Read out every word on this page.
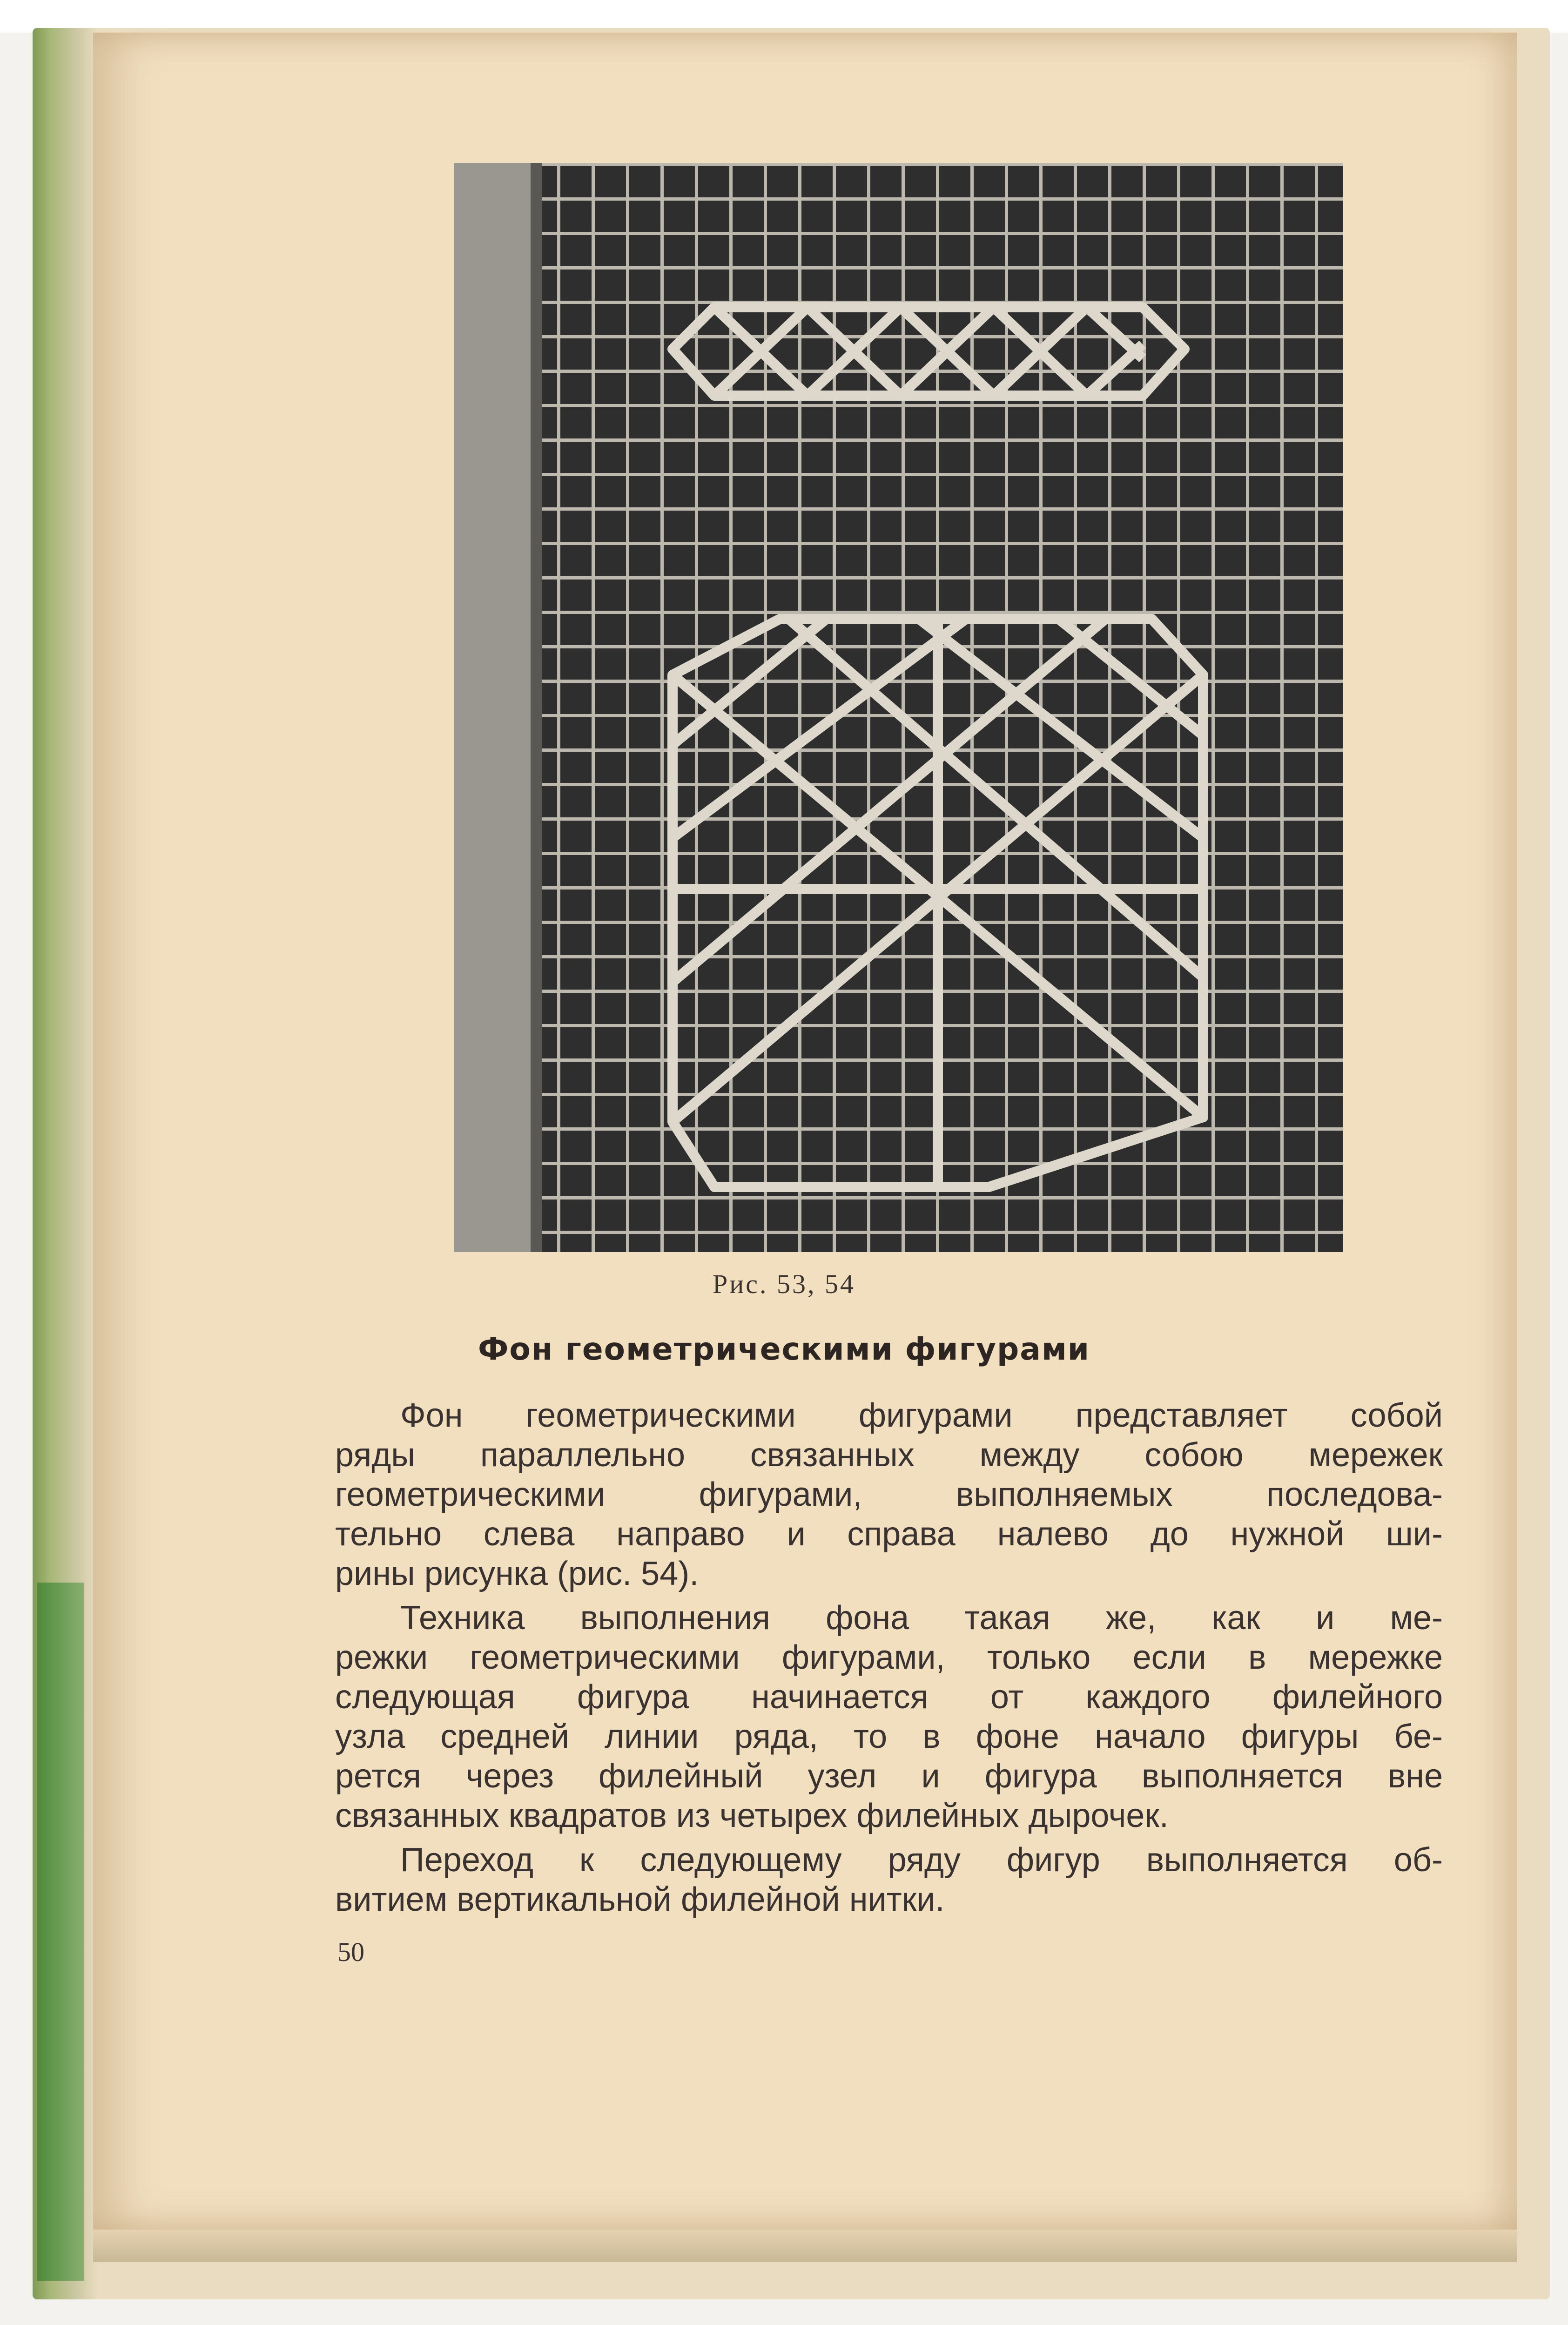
Рис. 53, 54
Фон геометрическими фигурами
Фон геометрическими фигурами представляет собой
ряды параллельно связанных между собою мережек
геометрическими фигурами, выполняемых последова-
тельно слева направо и справа налево до нужной ши-
рины рисунка (рис. 54).
Техника выполнения фона такая же, как и ме-
режки геометрическими фигурами, только если в мережке
следующая фигура начинается от каждого филейного
узла средней линии ряда, то в фоне начало фигуры бе-
рется через филейный узел и фигура выполняется вне
связанных квадратов из четырех филейных дырочек.
Переход к следующему ряду фигур выполняется об-
витием вертикальной филейной нитки.
50
